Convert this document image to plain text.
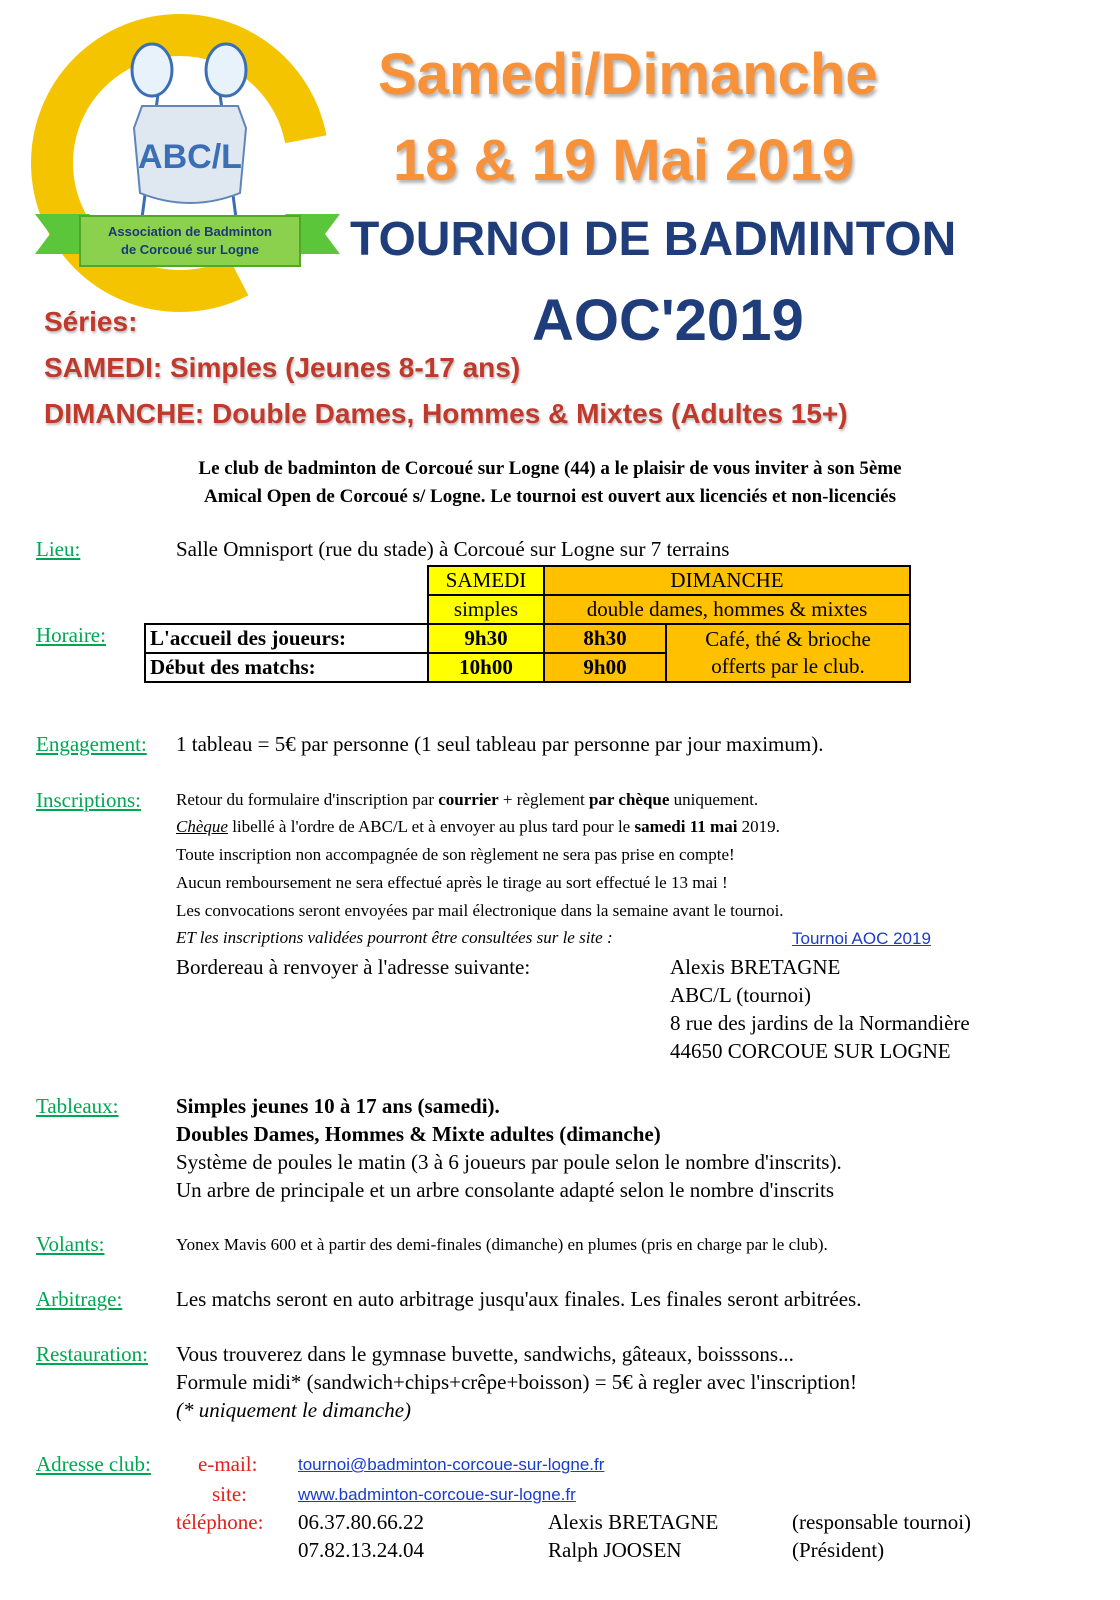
ABC/L
Association de Badminton
de Corcoué sur Logne
Samedi/Dimanche
18 & 19 Mai 2019
TOURNOI DE BADMINTON
AOC'2019
Séries:
SAMEDI: Simples (Jeunes 8-17 ans)
DIMANCHE: Double Dames, Hommes & Mixtes (Adultes 15+)
Le club de badminton de Corcoué sur Logne (44) a le plaisir de vous inviter à son 5ème
Amical Open de Corcoué s/ Logne. Le tournoi est ouvert aux licenciés et non-licenciés
Lieu:	Salle Omnisport (rue du stade) à Corcoué sur Logne sur 7 terrains
Horaire:
	SAMEDI	DIMANCHE	
	simples	double dames, hommes & mixtes	
L'accueil des joueurs:	9h30	8h30	Café, thé & brioche
offerts par le club.
Début des matchs:	10h00	9h00	
Engagement: 1 tableau = 5€ par personne (1 seul tableau par personne par jour maximum).
Inscriptions: Retour du formulaire d'inscription par courrier + règlement par chèque uniquement.
Chèque libellé à l'ordre de ABC/L et à envoyer au plus tard pour le samedi 11 mai 2019.
Toute inscription non accompagnée de son règlement ne sera pas prise en compte!
Aucun remboursement ne sera effectué après le tirage au sort effectué le 13 mai !
Les convocations seront envoyées par mail électronique dans la semaine avant le tournoi.
ET les inscriptions validées pourront être consultées sur le site :	Tournoi AOC 2019
Bordereau à renvoyer à l'adresse suivante:	Alexis BRETAGNE
ABC/L (tournoi)
8 rue des jardins de la Normandière
44650 CORCOUE SUR LOGNE
Tableaux:	Simples jeunes 10 à 17 ans (samedi).
Doubles Dames, Hommes & Mixte adultes (dimanche)
Système de poules le matin (3 à 6 joueurs par poule selon le nombre d'inscrits).
Un arbre de principale et un arbre consolante adapté selon le nombre d'inscrits
Volants:	Yonex Mavis 600 et à partir des demi-finales (dimanche) en plumes (pris en charge par le club).
Arbitrage:	Les matchs seront en auto arbitrage jusqu'aux finales. Les finales seront arbitrées.
Restauration: Vous trouverez dans le gymnase buvette, sandwichs, gâteaux, boisssons...
Formule midi* (sandwich+chips+crêpe+boisson) = 5€ à regler avec l'inscription!
(* uniquement le dimanche)
Adresse club: e-mail: tournoi@badminton-corcoue-sur-logne.fr
site:	www.badminton-corcoue-sur-logne.fr
téléphone: 06.37.80.66.22	Alexis BRETAGNE	(responsable tournoi)
07.82.13.24.04	Ralph JOOSEN	(Président)
